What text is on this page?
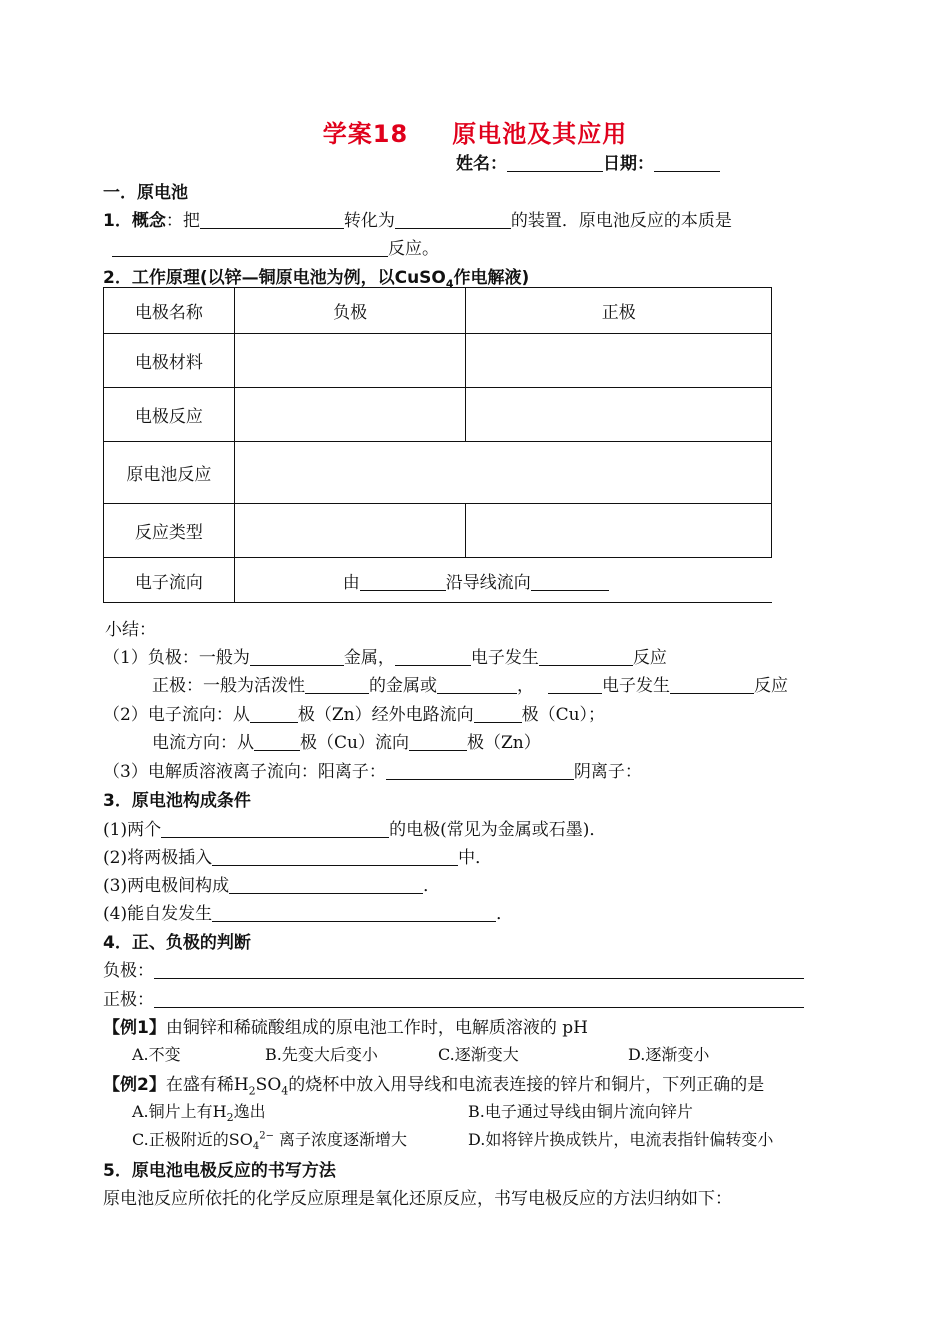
学案18 原电池及其应用
姓名：	日期：
一．原电池
1．概念：把	转化为	的装置．原电池反应的本质是
反应。
2．工作原理(以锌—铜原电池为例，以CuSO$_4$作电解液)
电极名称	负极	正极
电极材料		
电极反应		
原电池反应		
反应类型		
电子流向	由 沿导线流向	
小结：
（1）负极：一般为	金属，	电子发生	反应
正极：一般为活泼性	的金属或	，	电子发生	反应
（2）电子流向：从	极（Zn）经外电路流向	极（Cu）；
电流方向：从	极（Cu）流向	极（Zn）
（3）电解质溶液离子流向：阳离子：	阴离子：
3．原电池构成条件
(1)两个	的电极(常见为金属或石墨)．
(2)将两极插入	中．
(3)两电极间构成	．
(4)能自发发生	．
4．正、负极的判断
负极：
正极：
【例1】由铜锌和稀硫酸组成的原电池工作时，电解质溶液的 pH
A.不变	B.先变大后变小	C.逐渐变大	D.逐渐变小
【例2】在盛有稀$H_2SO_4$的烧杯中放入用导线和电流表连接的锌片和铜片，下列正确的是
A.铜片上有$H_2$逸出	B.电子通过导线由铜片流向锌片
C.正极附近的$SO_4^{2-}$ 离子浓度逐渐增大	D.如将锌片换成铁片，电流表指针偏转变小
5．原电池电极反应的书写方法
原电池反应所依托的化学反应原理是氧化还原反应，书写电极反应的方法归纳如下：
